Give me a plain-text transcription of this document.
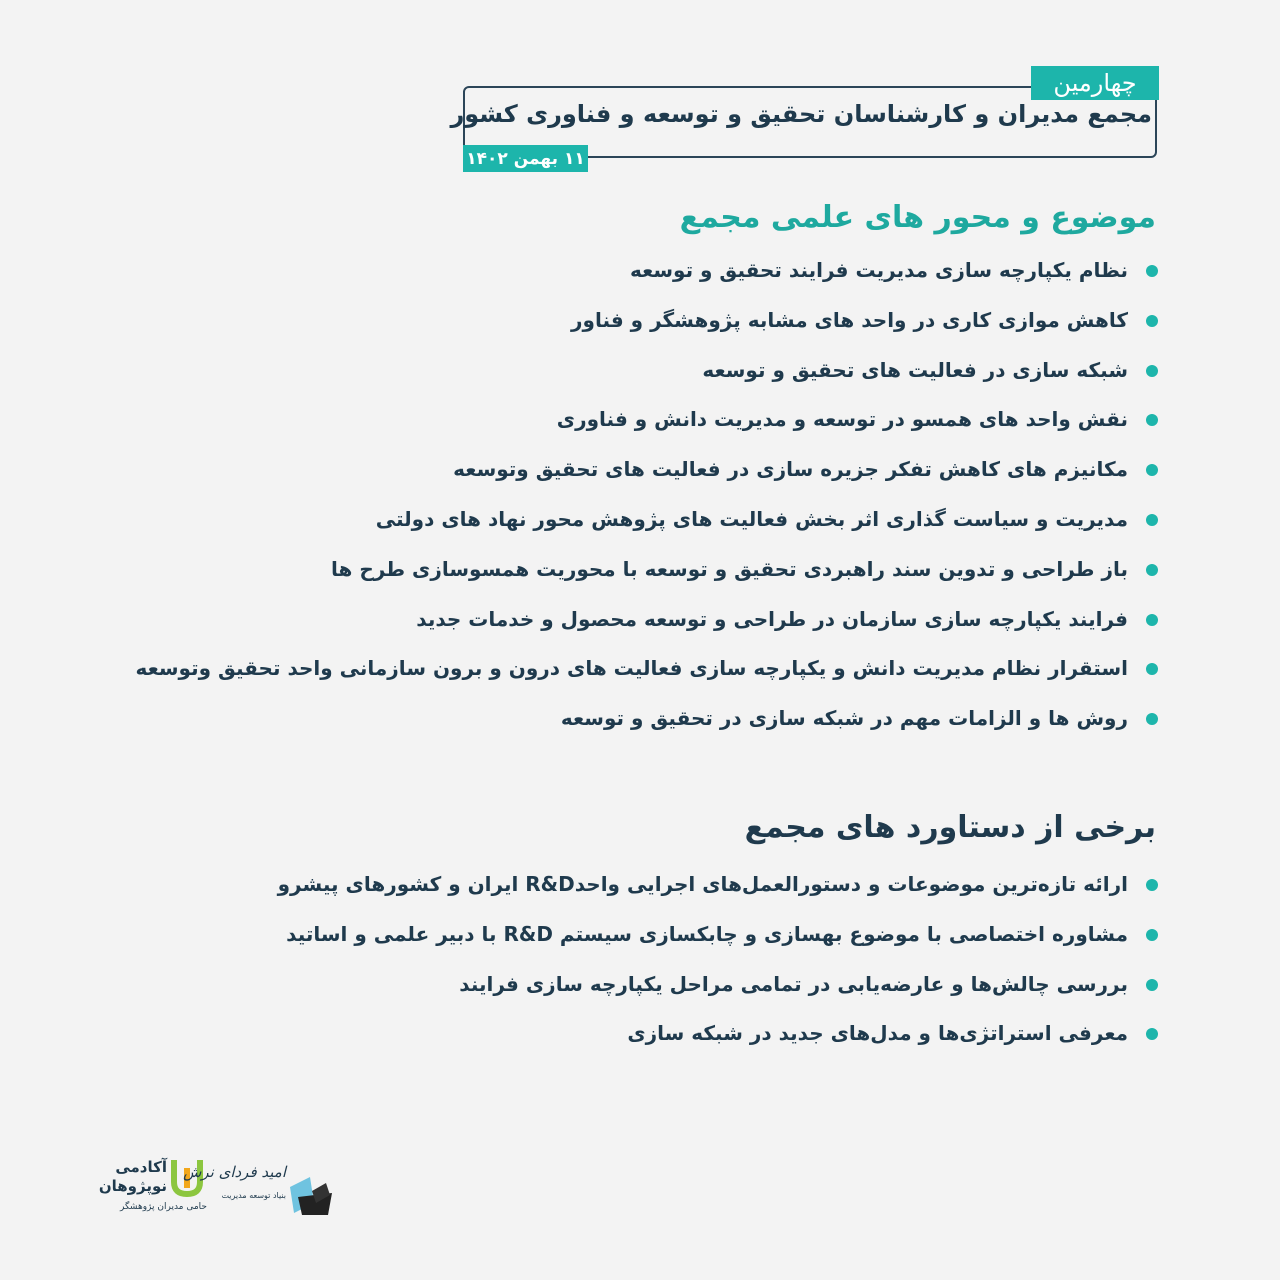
چهارمین
مجمع مدیران و کارشناسان تحقیق و توسعه و فناوری کشور
۱۱ بهمن ۱۴۰۲
موضوع و محور های علمی مجمع
نظام یکپارچه سازی مدیریت فرایند تحقیق و توسعه
کاهش موازی کاری در واحد های مشابه پژوهشگر و فناور
شبکه سازی در فعالیت های تحقیق و توسعه
نقش واحد های همسو در توسعه و مدیریت دانش و فناوری
مکانیزم های کاهش تفکر جزیره سازی در فعالیت های تحقیق وتوسعه
مدیریت و سیاست گذاری اثر بخش فعالیت های پژوهش محور نهاد های دولتی
باز طراحی و تدوین سند راهبردی تحقیق و توسعه با محوریت همسوسازی طرح ها
فرایند یکپارچه سازی سازمان در طراحی و توسعه محصول و خدمات جدید
استقرار نظام مدیریت دانش و یکپارچه سازی فعالیت های درون و برون سازمانی واحد تحقیق وتوسعه
روش ها و الزامات مهم در شبکه سازی در تحقیق و توسعه
برخی از دستاورد های مجمع
ارائه تازه‌ترین موضوعات و دستورالعمل‌های اجرایی واحدR&D ایران و کشورهای پیشرو
مشاوره اختصاصی با موضوع بهسازی و چابکسازی سیستم R&D با دبیر علمی و اساتید
بررسی چالش‌ها و عارضه‌یابی در تمامی مراحل یکپارچه سازی فرایند
معرفی استراتژی‌ها و مدل‌های جدید در شبکه سازی
آکادمی
نوپژوهان
حامی مدیران پژوهشگر
امید فردای نرش
بنیاد توسعه مدیریت
